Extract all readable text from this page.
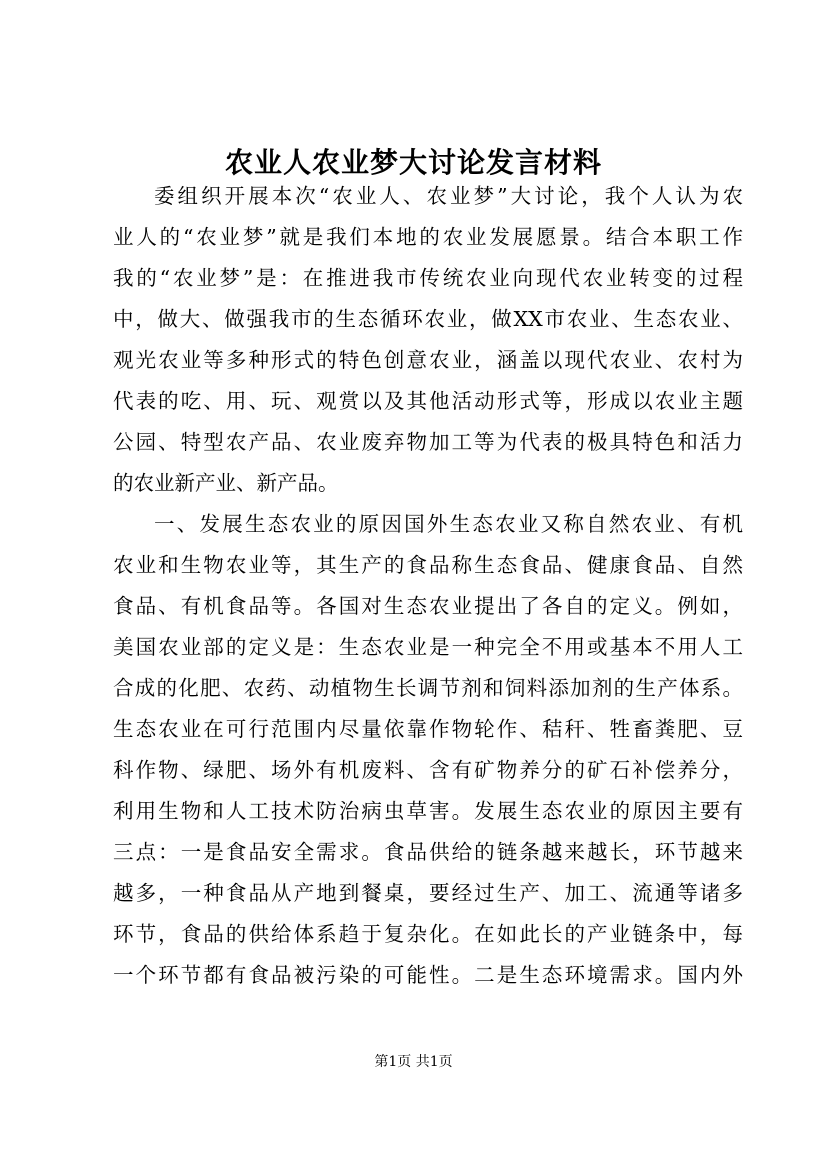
农业人农业梦大讨论发言材料
委组织开展本次“农业人、农业梦”大讨论，我个人认为农
业人的“农业梦”就是我们本地的农业发展愿景。结合本职工作
我的“农业梦”是：在推进我市传统农业向现代农业转变的过程
中，做大、做强我市的生态循环农业，做XX市农业、生态农业、
观光农业等多种形式的特色创意农业，涵盖以现代农业、农村为
代表的吃、用、玩、观赏以及其他活动形式等，形成以农业主题
公园、特型农产品、农业废弃物加工等为代表的极具特色和活力
的农业新产业、新产品。
一、发展生态农业的原因国外生态农业又称自然农业、有机
农业和生物农业等，其生产的食品称生态食品、健康食品、自然
食品、有机食品等。各国对生态农业提出了各自的定义。例如，
美国农业部的定义是：生态农业是一种完全不用或基本不用人工
合成的化肥、农药、动植物生长调节剂和饲料添加剂的生产体系。
生态农业在可行范围内尽量依靠作物轮作、秸秆、牲畜粪肥、豆
科作物、绿肥、场外有机废料、含有矿物养分的矿石补偿养分，
利用生物和人工技术防治病虫草害。发展生态农业的原因主要有
三点：一是食品安全需求。食品供给的链条越来越长，环节越来
越多，一种食品从产地到餐桌，要经过生产、加工、流通等诸多
环节，食品的供给体系趋于复杂化。在如此长的产业链条中，每
一个环节都有食品被污染的可能性。二是生态环境需求。国内外
第1页 共1页
